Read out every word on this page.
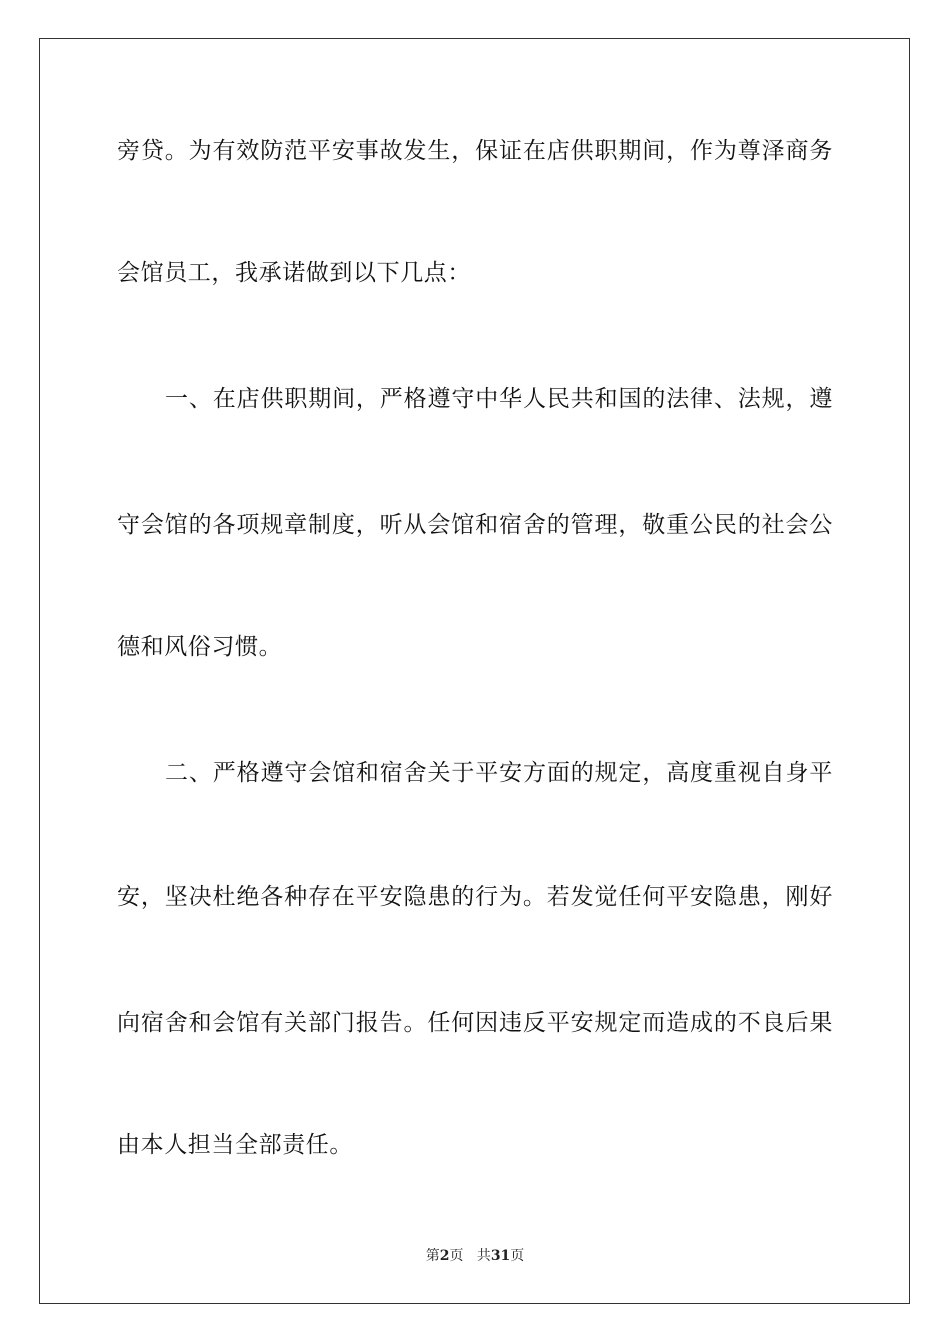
旁贷。为有效防范平安事故发生，保证在店供职期间，作为尊泽商务
会馆员工，我承诺做到以下几点：
一、在店供职期间，严格遵守中华人民共和国的法律、法规，遵
守会馆的各项规章制度，听从会馆和宿舍的管理，敬重公民的社会公
德和风俗习惯。
二、严格遵守会馆和宿舍关于平安方面的规定，高度重视自身平
安，坚决杜绝各种存在平安隐患的行为。若发觉任何平安隐患，刚好
向宿舍和会馆有关部门报告。任何因违反平安规定而造成的不良后果
由本人担当全部责任。
第2页 共31页
